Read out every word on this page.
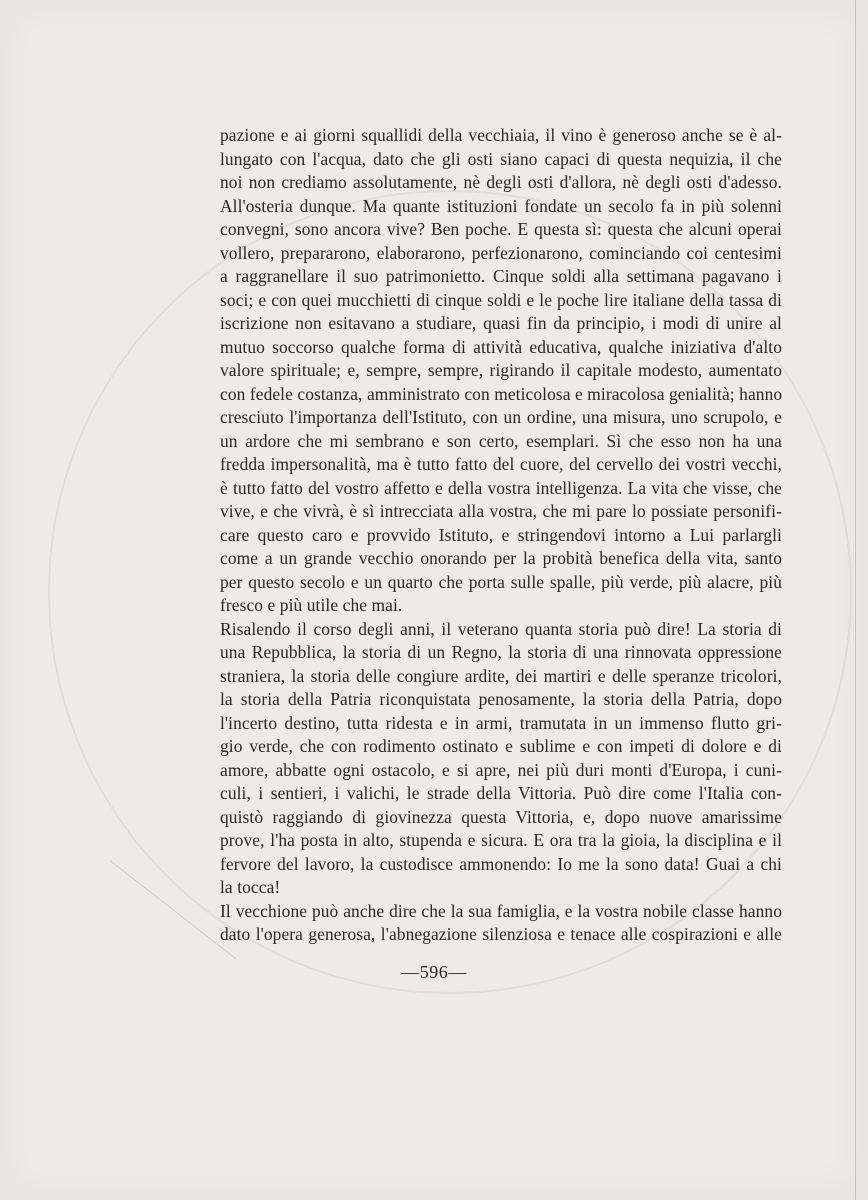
pazione e ai giorni squallidi della vecchiaia, il vino è generoso anche se è al-
lungato con l'acqua, dato che gli osti siano capaci di questa nequizia, il che
noi non crediamo assolutamente, nè degli osti d'allora, nè degli osti d'adesso.
All'osteria dunque. Ma quante istituzioni fondate un secolo fa in più solenni
convegni, sono ancora vive? Ben poche. E questa sì: questa che alcuni operai
vollero, prepararono, elaborarono, perfezionarono, cominciando coi centesimi
a raggranellare il suo patrimonietto. Cinque soldi alla settimana pagavano i
soci; e con quei mucchietti di cinque soldi e le poche lire italiane della tassa di
iscrizione non esitavano a studiare, quasi fin da principio, i modi di unire al
mutuo soccorso qualche forma di attività educativa, qualche iniziativa d'alto
valore spirituale; e, sempre, sempre, rigirando il capitale modesto, aumentato
con fedele costanza, amministrato con meticolosa e miracolosa genialità; hanno
cresciuto l'importanza dell'Istituto, con un ordine, una misura, uno scrupolo, e
un ardore che mi sembrano e son certo, esemplari. Sì che esso non ha una
fredda impersonalità, ma è tutto fatto del cuore, del cervello dei vostri vecchi,
è tutto fatto del vostro affetto e della vostra intelligenza. La vita che visse, che
vive, e che vivrà, è sì intrecciata alla vostra, che mi pare lo possiate personifi-
care questo caro e provvido Istituto, e stringendovi intorno a Lui parlargli
come a un grande vecchio onorando per la probità benefica della vita, santo
per questo secolo e un quarto che porta sulle spalle, più verde, più alacre, più
fresco e più utile che mai.
Risalendo il corso degli anni, il veterano quanta storia può dire! La storia di
una Repubblica, la storia di un Regno, la storia di una rinnovata oppressione
straniera, la storia delle congiure ardite, dei martiri e delle speranze tricolori,
la storia della Patria riconquistata penosamente, la storia della Patria, dopo
l'incerto destino, tutta ridesta e in armi, tramutata in un immenso flutto gri-
gio verde, che con rodimento ostinato e sublime e con impeti di dolore e di
amore, abbatte ogni ostacolo, e si apre, nei più duri monti d'Europa, i cuni-
culi, i sentieri, i valichi, le strade della Vittoria. Può dire come l'Italia con-
quistò raggiando di giovinezza questa Vittoria, e, dopo nuove amarissime
prove, l'ha posta in alto, stupenda e sicura. E ora tra la gioia, la disciplina e il
fervore del lavoro, la custodisce ammonendo: Io me la sono data! Guai a chi
la tocca!
Il vecchione può anche dire che la sua famiglia, e la vostra nobile classe hanno
dato l'opera generosa, l'abnegazione silenziosa e tenace alle cospirazioni e alle
—596—
